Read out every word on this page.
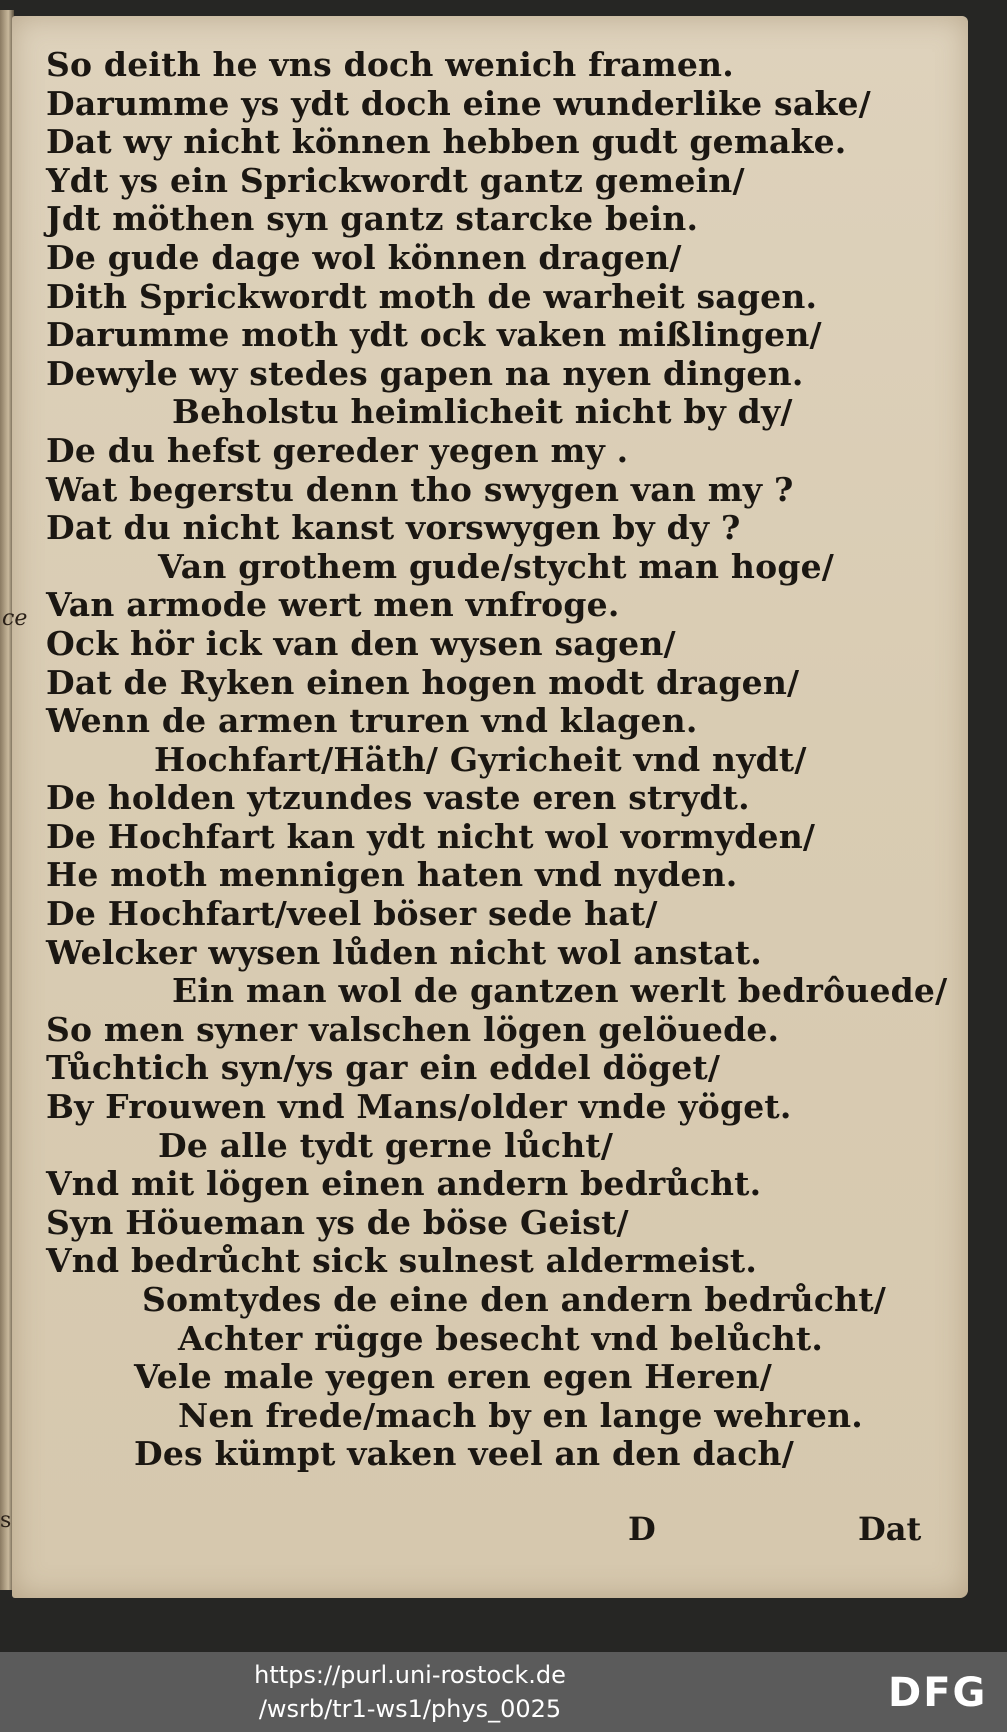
So deith he vns doch wenich framen.
Darumme ys ydt doch eine wunderlike sake/
Dat wy nicht können hebben gudt gemake.
Ydt ys ein Sprickwordt gantz gemein/
Jdt möthen syn gantz starcke bein.
De gude dage wol können dragen/
Dith Sprickwordt moth de warheit sagen.
Darumme moth ydt ock vaken mißlingen/
Dewyle wy stedes gapen na nyen dingen.
Beholstu heimlicheit nicht by dy/
De du hefst gereder yegen my .
Wat begerstu denn tho swygen van my ?
Dat du nicht kanst vorswygen by dy ?
Van grothem gude/stycht man hoge/
Van armode wert men vnfroge.
Ock hör ick van den wysen sagen/
Dat de Ryken einen hogen modt dragen/
Wenn de armen truren vnd klagen.
Hochfart/Häth/ Gyricheit vnd nydt/
De holden ytzundes vaste eren strydt.
De Hochfart kan ydt nicht wol vormyden/
He moth mennigen haten vnd nyden.
De Hochfart/veel böser sede hat/
Welcker wysen lůden nicht wol anstat.
Ein man wol de gantzen werlt bedrôuede/
So men syner valschen lögen gelöuede.
Tůchtich syn/ys gar ein eddel döget/
By Frouwen vnd Mans/older vnde yöget.
De alle tydt gerne lůcht/
Vnd mit lögen einen andern bedrůcht.
Syn Höueman ys de böse Geist/
Vnd bedrůcht sick sulnest aldermeist.
Somtydes de eine den andern bedrůcht/
Achter rügge besecht vnd belůcht.
Vele male yegen eren egen Heren/
Nen frede/mach by en lange wehren.
Des kümpt vaken veel an den dach/
ce
s	D	Dat
https://purl.uni-rostock.de
/wsrb/tr1-ws1/phys_0025	DFG
